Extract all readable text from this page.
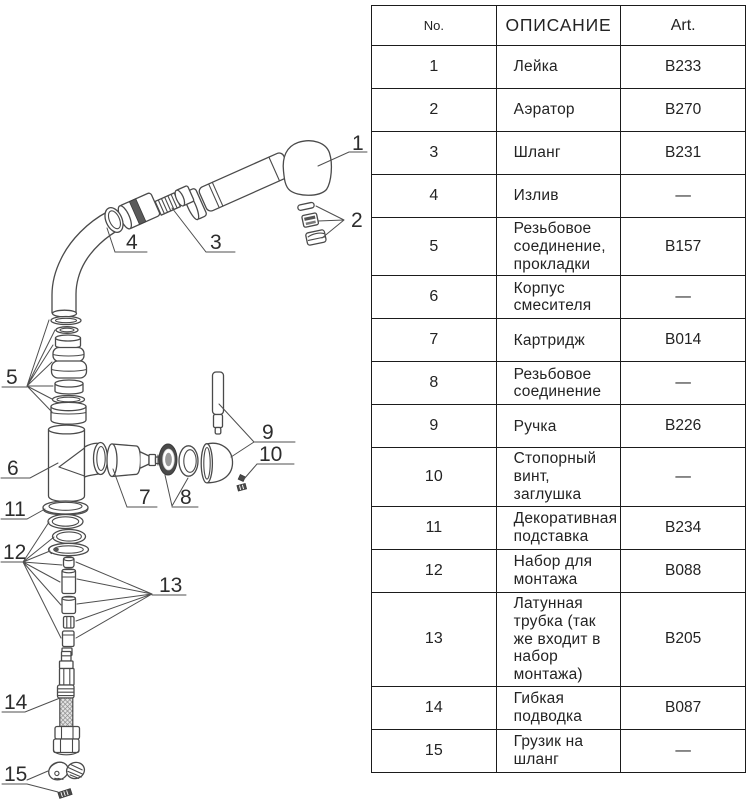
1
2
3
4
5
6
7 8
9
10
11
12
13
14
15
No.	ОПИСАНИЕ	Art.
1	Лейка	B233
2	Аэратор	B270
3	Шланг	B231
4	Излив	—
5	Резьбовое соединение, прокладки	B157
6	Корпус смесителя	—
7	Картридж	B014
8	Резьбовое соединение	—
9	Ручка	B226
10	Стопорный винт, заглушка	—
11	Декоративная подставка	B234
12	Набор для монтажа	B088
13	Латунная трубка (так же входит в набор монтажа)	B205
14	Гибкая подводка	B087
15	Грузик на шланг	—
